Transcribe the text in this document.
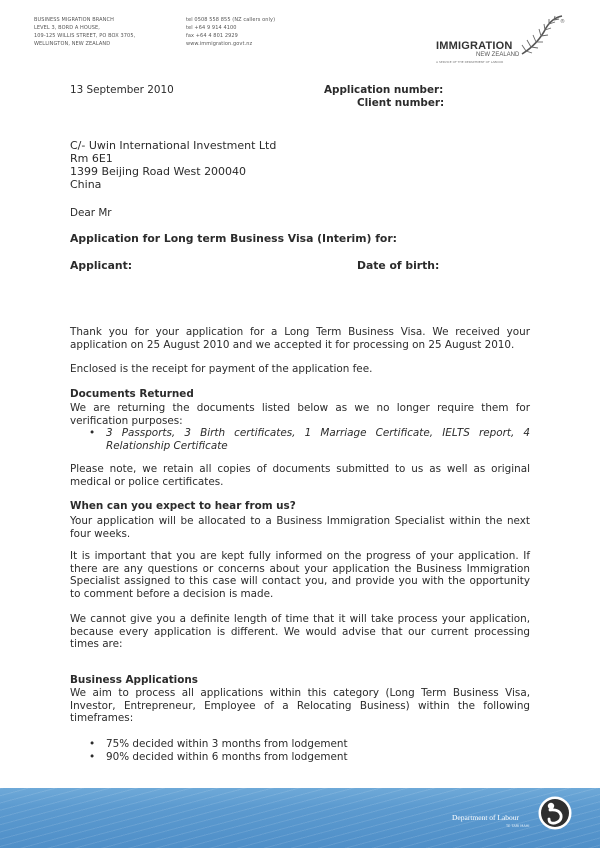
BUSINESS MIGRATION BRANCH
LEVEL 3, BORD A HOUSE,
109-125 WILLIS STREET, PO BOX 3705,
WELLINGTON, NEW ZEALAND
tel 0508 558 855 (NZ callers only)
tel +64 9 914 4100
fax +64 4 801 2929
www.immigration.govt.nz	IMMIGRATION
NEW ZEALAND
A SERVICE OF THE DEPARTMENT OF LABOUR
®
13 September 2010	Application number:
Client number:
C/- Uwin International Investment Ltd
Rm 6E1
1399 Beijing Road West 200040
China
Dear Mr
Application for Long term Business Visa (Interim) for:
Applicant:	Date of birth:
Thank you for your application for a Long Term Business Visa. We received your application on 25 August 2010 and we accepted it for processing on 25 August 2010.
Enclosed is the receipt for payment of the application fee.
Documents Returned
We are returning the documents listed below as we no longer require them for verification purposes:
• 3 Passports, 3 Birth certificates, 1 Marriage Certificate, IELTS report, 4 Relationship Certificate
Please note, we retain all copies of documents submitted to us as well as original medical or police certificates.
When can you expect to hear from us?
Your application will be allocated to a Business Immigration Specialist within the next four weeks.
It is important that you are kept fully informed on the progress of your application. If there are any questions or concerns about your application the Business Immigration Specialist assigned to this case will contact you, and provide you with the opportunity to comment before a decision is made.
We cannot give you a definite length of time that it will take process your application, because every application is different. We would advise that our current processing times are:
Business Applications
We aim to process all applications within this category (Long Term Business Visa, Investor, Entrepreneur, Employee of a Relocating Business) within the following timeframes:
• 75% decided within 3 months from lodgement
• 90% decided within 6 months from lodgement
Department of Labour
TE TARI MAHI
